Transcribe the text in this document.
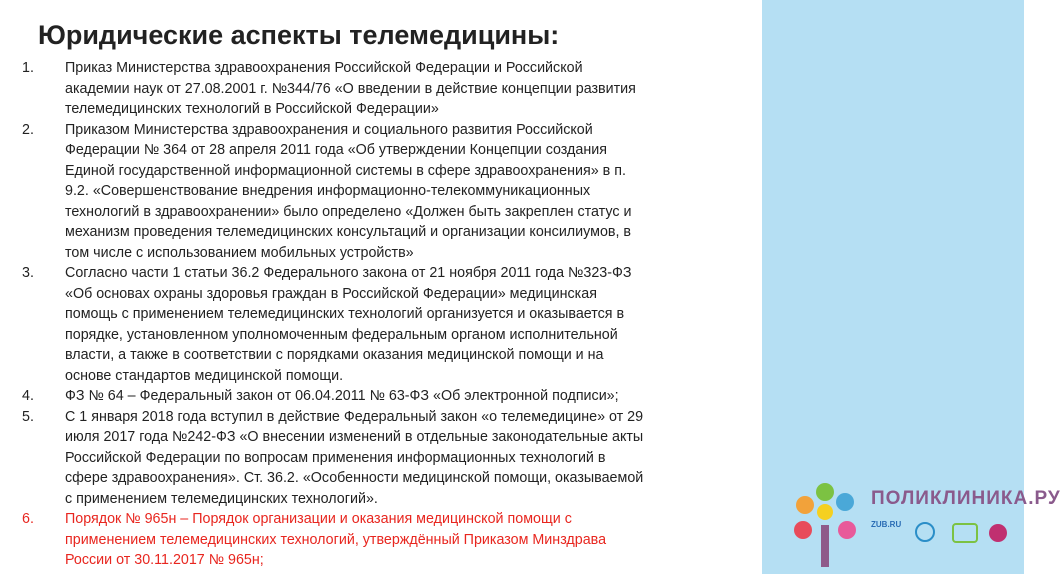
Юридические аспекты телемедицины:
1. Приказ Министерства здравоохранения Российской Федерации и Российской
академии наук от 27.08.2001 г. №344/76 «О введении в действие концепции развития
телемедицинских технологий в Российской Федерации»
2. Приказом Министерства здравоохранения и социального развития Российской
Федерации № 364 от 28 апреля 2011 года «Об утверждении Концепции создания
Единой государственной информационной системы в сфере здравоохранения» в п.
9.2. «Совершенствование внедрения информационно-телекоммуникационных
технологий в здравоохранении» было определено «Должен быть закреплен статус и
механизм проведения телемедицинских консультаций и организации консилиумов, в
том числе с использованием мобильных устройств»
3. Согласно части 1 статьи 36.2 Федерального закона от 21 ноября 2011 года №323-ФЗ
«Об основах охраны здоровья граждан в Российской Федерации» медицинская
помощь с применением телемедицинских технологий организуется и оказывается в
порядке, установленном уполномоченным федеральным органом исполнительной
власти, а также в соответствии с порядками оказания медицинской помощи и на
основе стандартов медицинской помощи.
4. ФЗ № 64 – Федеральный закон от 06.04.2011 № 63-ФЗ «Об электронной подписи»;
5. С 1 января 2018 года вступил в действие Федеральный закон «о телемедицине» от 29
июля 2017 года №242-ФЗ «О внесении изменений в отдельные законодательные акты
Российской Федерации по вопросам применения информационных технологий в
сфере здравоохранения». Ст. 36.2. «Особенности медицинской помощи, оказываемой
с применением телемедицинских технологий».
6. Порядок № 965н – Порядок организации и оказания медицинской помощи с
применением телемедицинских технологий, утверждённый Приказом Минздрава
России от 30.11.2017 № 965н;
ПОЛИКЛИНИКА.РУ
ZUB.RU
